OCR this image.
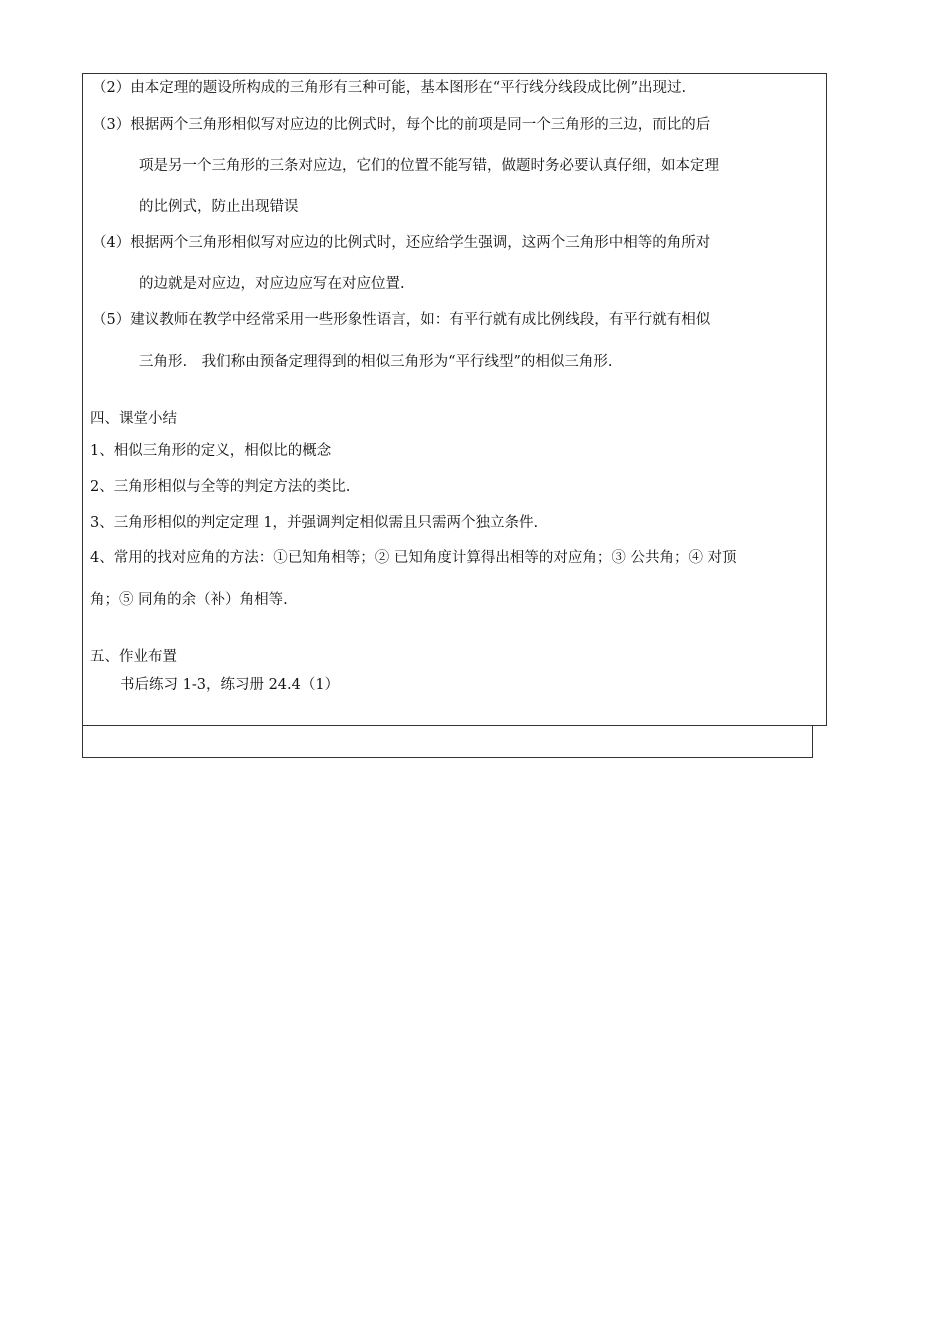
（2）由本定理的题设所构成的三角形有三种可能，基本图形在“平行线分线段成比例”出现过.
（3）根据两个三角形相似写对应边的比例式时，每个比的前项是同一个三角形的三边，而比的后
项是另一个三角形的三条对应边，它们的位置不能写错，做题时务必要认真仔细，如本定理
的比例式，防止出现错误
（4）根据两个三角形相似写对应边的比例式时，还应给学生强调，这两个三角形中相等的角所对
的边就是对应边，对应边应写在对应位置.
（5）建议教师在教学中经常采用一些形象性语言，如：有平行就有成比例线段，有平行就有相似
三角形.　我们称由预备定理得到的相似三角形为“平行线型”的相似三角形.
四、课堂小结
1、相似三角形的定义，相似比的概念
2、三角形相似与全等的判定方法的类比.
3、三角形相似的判定定理 1，并强调判定相似需且只需两个独立条件.
4、常用的找对应角的方法：①已知角相等；② 已知角度计算得出相等的对应角；③ 公共角；④ 对顶
角；⑤ 同角的余（补）角相等.
五、作业布置
书后练习 1-3，练习册 24.4（1）
